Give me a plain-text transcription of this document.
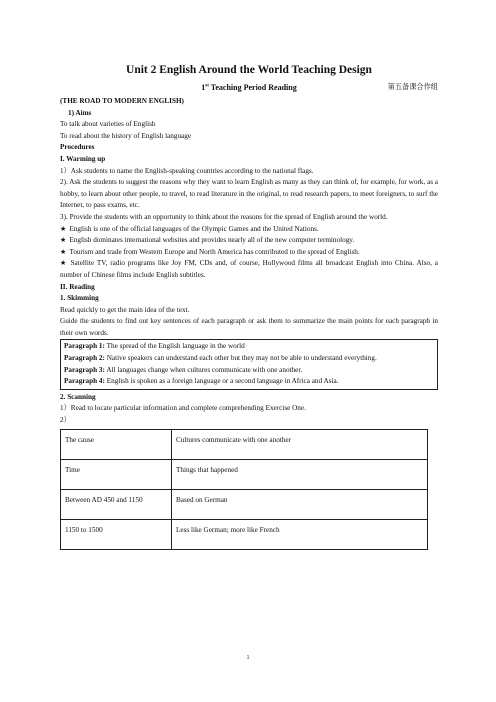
Unit 2 English Around the World Teaching Design
1st Teaching Period Reading	第五备课合作组

(THE ROAD TO MODERN ENGLISH)

1) Aims

To talk about varieties of English

To read about the history of English language

Procedures

I. Warming up

1）Ask students to name the English-speaking countries according to the national flags.

2). Ask the students to suggest the reasons why they want to learn English as many as they can think of, for example, for work, as a hobby, to learn about other people, to travel, to read literature in the original, to read research papers, to meet foreigners, to surf the Internet, to pass exams, etc.

3). Provide the students with an opportunity to think about the reasons for the spread of English around the world.

★ English is one of the official languages of the Olympic Games and the United Nations.

★ English dominates international websites and provides nearly all of the new computer terminology.

★ Tourism and trade from Western Europe and North America has contributed to the spread of English.

★ Satellite TV, radio programs like Joy FM, CDs and, of course, Hollywood films all broadcast English into China. Also, a number of Chinese films include English subtitles.

II. Reading

1. Skimming

Read quickly to get the main idea of the text.

Guide the students to find out key sentences of each paragraph or ask them to summarize the main points for each paragraph in their own words.

Paragraph 1: The spread of the English language in the world

Paragraph 2: Native speakers can understand each other but they may not be able to understand everything.

Paragraph 3: All languages change when cultures communicate with one another.

Paragraph 4: English is spoken as a foreign language or a second language in Africa and Asia.

2. Scanning

1）Read to locate particular information and complete comprehending Exercise One.

2）

The cause	Cultures communicate with one another
Time	Things that happened
Between AD 450 and 1150	Based on German
1150 to 1500	Less like German; more like French
1
